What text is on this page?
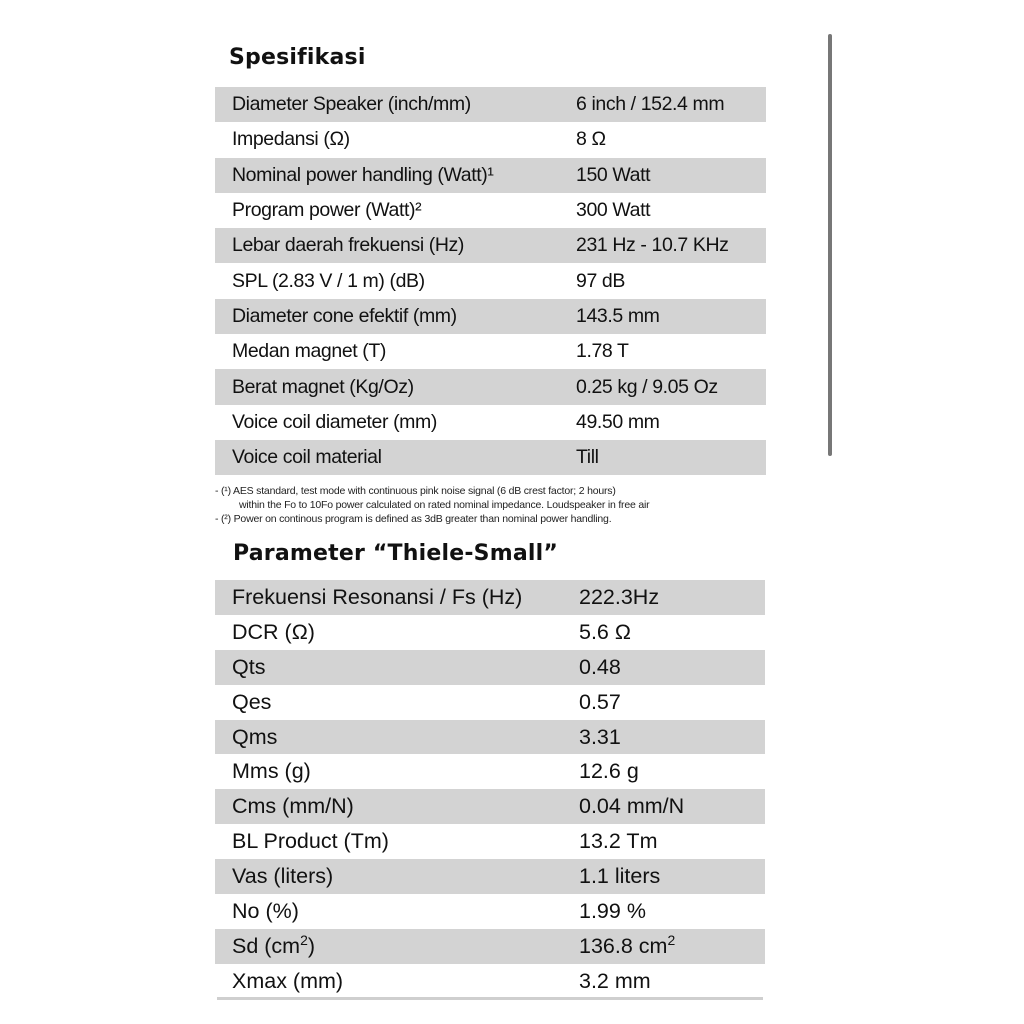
Spesifikasi
Diameter Speaker (inch/mm)	6 inch / 152.4 mm
Impedansi (Ω)	8 Ω
Nominal power handling (Watt)¹	150 Watt
Program power (Watt)²	300 Watt
Lebar daerah frekuensi (Hz)	231 Hz - 10.7 KHz
SPL (2.83 V / 1 m) (dB)	97 dB
Diameter cone efektif (mm)	143.5 mm
Medan magnet (T)	1.78 T
Berat magnet (Kg/Oz)	0.25 kg / 9.05 Oz
Voice coil diameter (mm)	49.50 mm
Voice coil material	Till
- (¹) AES standard, test mode with continuous pink noise signal (6 dB crest factor; 2 hours)
within the Fo to 10Fo power calculated on rated nominal impedance. Loudspeaker in free air
- (²) Power on continous program is defined as 3dB greater than nominal power handling.
Parameter “Thiele-Small”
Frekuensi Resonansi / Fs (Hz)	222.3Hz
DCR (Ω)	5.6 Ω
Qts	0.48
Qes	0.57
Qms	3.31
Mms (g)	12.6 g
Cms (mm/N)	0.04 mm/N
BL Product (Tm)	13.2 Tm
Vas (liters)	1.1 liters
No (%)	1.99 %
Sd $(cm^2)$	136.8 $cm^2$
Xmax (mm)	3.2 mm
